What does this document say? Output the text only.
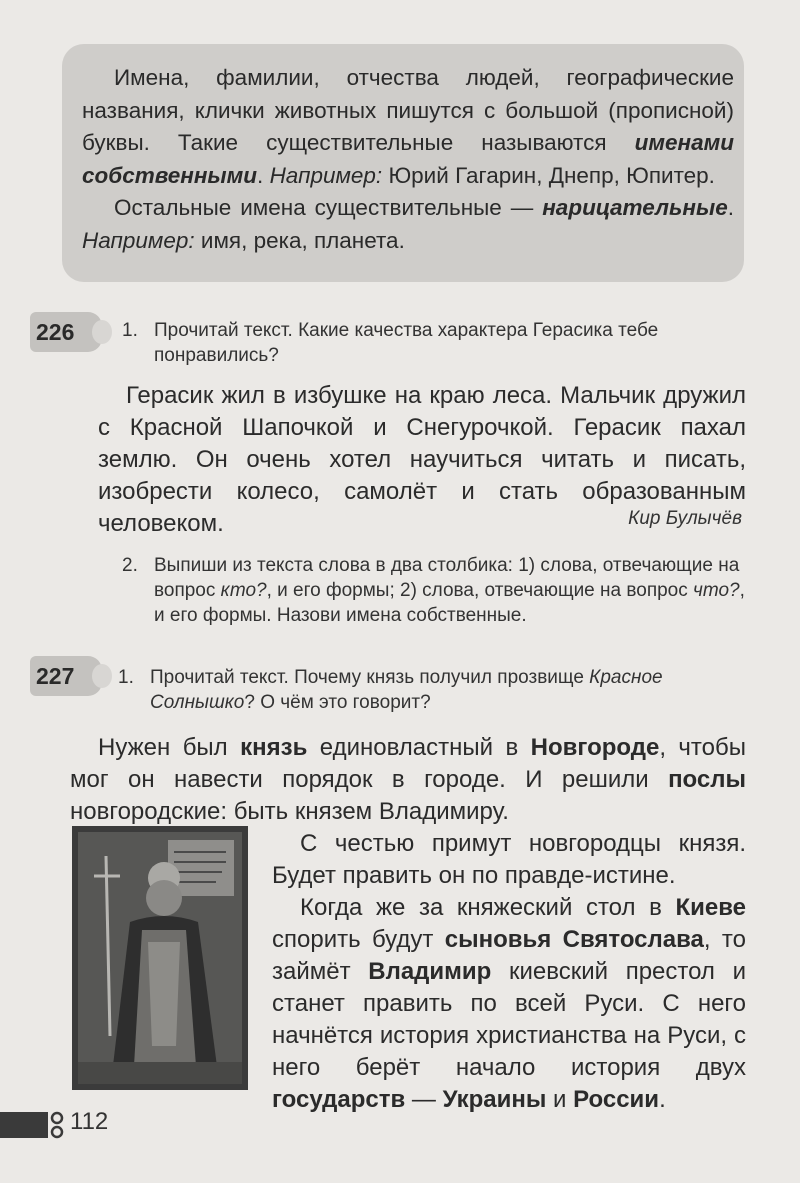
Имена, фамилии, отчества людей, географические названия, клички животных пишутся с большой (прописной) буквы. Такие существительные называются именами собственными. Например: Юрий Гагарин, Днепр, Юпитер.

Остальные имена существительные — нарицательные. Например: имя, река, планета.

226	1. Прочитай текст. Какие качества характера Герасика тебе понравились?

Герасик жил в избушке на краю леса. Мальчик дружил с Красной Шапочкой и Снегурочкой. Герасик пахал землю. Он очень хотел научиться читать и писать, изобрести колесо, самолёт и стать образованным человеком.	Кир Булычёв
2. Выпиши из текста слова в два столбика: 1) слова, отвечающие на вопрос кто?, и его формы; 2) слова, отвечающие на вопрос что?, и его формы. Назови имена собственные.
227	1. Прочитай текст. Почему князь получил прозвище Красное Солнышко? О чём это говорит?

Нужен был князь единовластный в Новгороде, чтобы мог он навести порядок в городе. И решили послы новгородские: быть князем Владимиру.

С честью примут новгородцы князя. Будет править он по правде-истине.

Когда же за княжеский стол в Киеве спорить будут сыновья Святослава, то займёт Владимир киевский престол и станет править по всей Руси. С него начнётся история христианства на Руси, с него берёт начало история двух государств — Украины и России.

112
